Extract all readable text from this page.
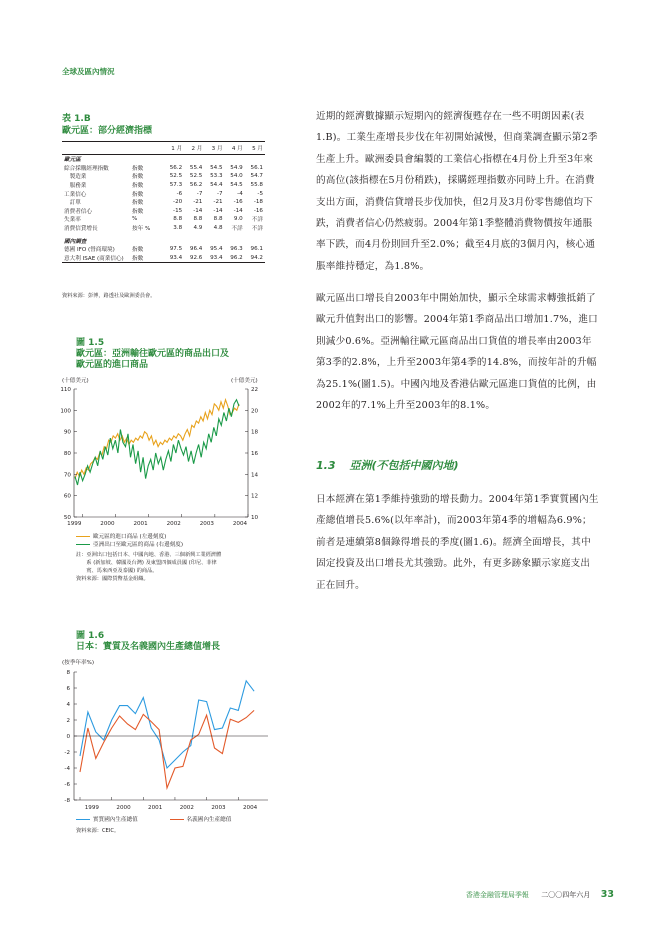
全球及區內情況
表 1.B
歐元區：部分經濟指標
		1 月	2 月	3 月	4 月	5 月
歐元區						
綜合採購經理指數	指數	56.2	55.4	54.5	54.9	56.1
　製造業	指數	52.5	52.5	53.3	54.0	54.7
　服務業	指數	57.3	56.2	54.4	54.5	55.8
工業信心	指數	-6	-7	-7	-4	-5
　訂單	指數	-20	-21	-21	-16	-18
消費者信心	指數	-15	-14	-14	-14	-16
失業率	%	8.8	8.8	8.8	9.0	不詳
消費信貸增長	按年 %	3.8	4.9	4.8	不詳	不詳
國內調查						
德國 IFO (營商環境)	指數	97.5	96.4	95.4	96.3	96.1
意大利 ISAE (商業信心)	指數	93.4	92.6	93.4	96.2	94.2
資料來源：彭博，路透社及歐洲委員會。
圖 1.5
歐元區：亞洲輸往歐元區的商品出口及
歐元區的進口商品
50
60
70
80
90
100
110
10
12
14
16
18
20
22
1999	2000	2001	2002	2003	2004
(十億美元)	(十億美元)
歐元區的進口商品 (左邊刻度)
亞洲出口至歐元區的商品 (右邊刻度)
註：亞洲出口包括日本、中國內地、香港、三個新興工業經濟體
　　系 (新加坡、韓國及台灣) 及東盟四個成員國 (印尼、菲律
　　賓、馬來西亞及泰國) 的商品。
資料來源：國際貨幣基金組織。
圖 1.6
日本：實質及名義國內生產總值增長
-8
-6
-4
-2
0
2
4
6
8
1999	2000	2001	2002	2003	2004
(按季年率%)
實質國內生產總值	名義國內生產總值
資料來源：CEIC。

近期的經濟數據顯示短期內的經濟復甦存在一些不明朗因素(表1.B)。工業生產增長步伐在年初開始減慢，但商業調查顯示第2季生產上升。歐洲委員會編製的工業信心指標在4月份上升至3年來的高位(該指標在5月份稍跌)，採購經理指數亦同時上升。在消費支出方面，消費信貸增長步伐加快，但2月及3月份零售總值均下跌，消費者信心仍然疲弱。2004年第1季整體消費物價按年通脹率下跌，而4月份則回升至2.0%；截至4月底的3個月內，核心通脹率維持穩定，為1.8%。

歐元區出口增長自2003年中開始加快，顯示全球需求轉強抵銷了歐元升值對出口的影響。2004年第1季商品出口增加1.7%，進口則減少0.6%。亞洲輸往歐元區商品出口貨值的增長率由2003年第3季的2.8%，上升至2003年第4季的14.8%，而按年計的升幅為25.1%(圖1.5)。中國內地及香港佔歐元區進口貨值的比例，由2002年的7.1%上升至2003年的8.1%。

1.3 亞洲(不包括中國內地)

日本經濟在第1季維持強勁的增長動力。2004年第1季實質國內生產總值增長5.6%(以年率計)，而2003年第4季的增幅為6.9%；前者是連續第8個錄得增長的季度(圖1.6)。經濟全面增長，其中固定投資及出口增長尤其強勁。此外，有更多跡象顯示家庭支出正在回升。

香港金融管理局季報 二〇〇四年六月 33
